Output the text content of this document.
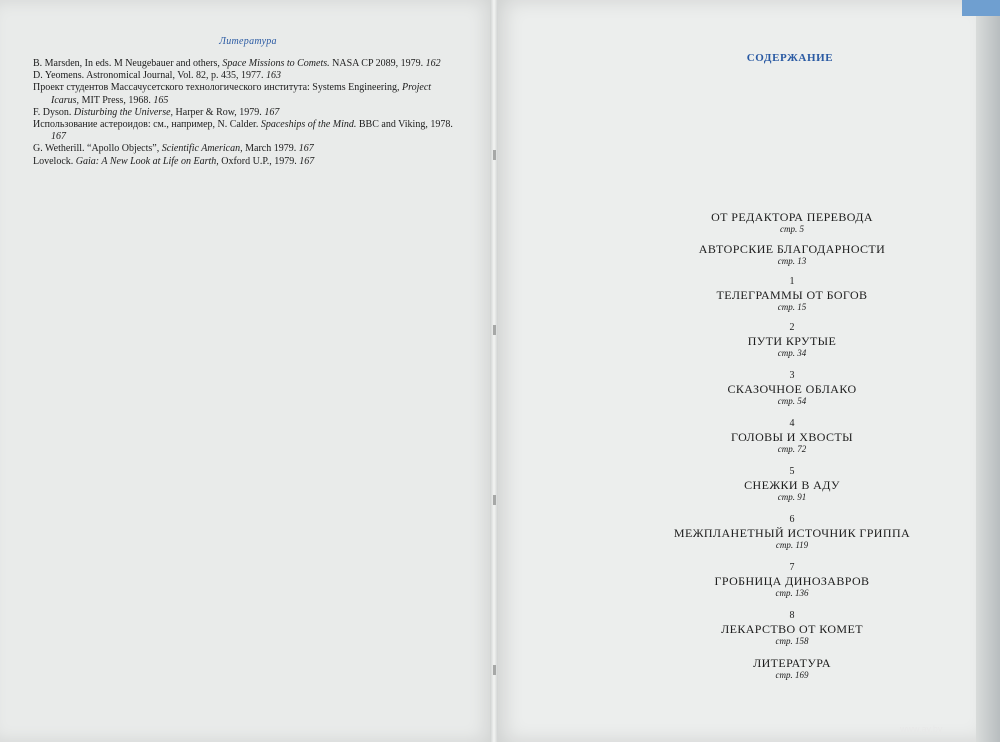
Литература

B. Marsden, In eds. M Neugebauer and others, Space Missions to Comets. NASA CP 2089, 1979. 162

D. Yeomens. Astronomical Journal, Vol. 82, p. 435, 1977. 163

Проект студентов Массачусетского технологического института: Systems Engineering, Project Icarus, MIT Press, 1968. 165

F. Dyson. Disturbing the Universe, Harper & Row, 1979. 167

Использование астероидов: см., например, N. Calder. Spaceships of the Mind. BBC and Viking, 1978. 167

G. Wetherill. “Apollo Objects”, Scientific American, March 1979. 167

Lovelock. Gaia: A New Look at Life on Earth, Oxford U.P., 1979. 167

СОДЕРЖАНИЕ
ОТ РЕДАКТОРА ПЕРЕВОДА
стр. 5
АВТОРСКИЕ БЛАГОДАРНОСТИ
стр. 13
1
ТЕЛЕГРАММЫ ОТ БОГОВ
стр. 15
2
ПУТИ КРУТЫЕ
стр. 34
3
СКАЗОЧНОЕ ОБЛАКО
стр. 54
4
ГОЛОВЫ И ХВОСТЫ
стр. 72
5
СНЕЖКИ В АДУ
стр. 91
6
МЕЖПЛАНЕТНЫЙ ИСТОЧНИК ГРИППА
стр. 119
7
ГРОБНИЦА ДИНОЗАВРОВ
стр. 136
8
ЛЕКАРСТВО ОТ КОМЕТ
стр. 158
ЛИТЕРАТУРА
стр. 169
www.ay.by
